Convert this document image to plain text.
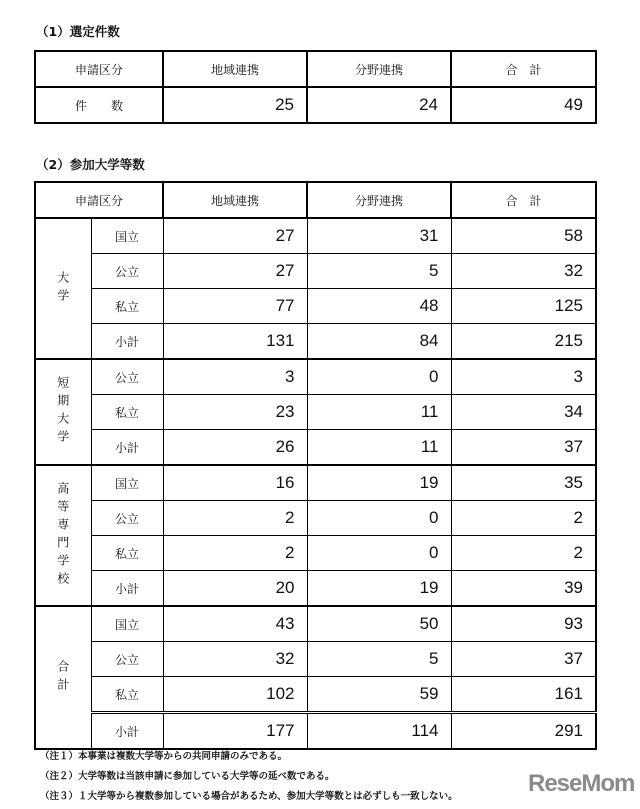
（1）選定件数
申請区分	地域連携	分野連携	合　計
件　　数	25	24	49
（2）参加大学等数
申請区分		地域連携	分野連携	合　計
大学	国立	27	31	58
	公立	27	5	32
	私立	77	48	125
	小計	131	84	215
短期大学	公立	3	0	3
	私立	23	11	34
	小計	26	11	37
高等専門学校	国立	16	19	35
	公立	2	0	2
	私立	2	0	2
	小計	20	19	39
合計	国立	43	50	93
	公立	32	5	37
	私立	102	59	161
	小計	177	114	291
（注１）本事業は複数大学等からの共同申請のみである。
（注２）大学等数は当該申請に参加している大学等の延べ数である。
（注３）１大学等から複数参加している場合があるため、参加大学等数とは必ずしも一致しない。	ReseMom
